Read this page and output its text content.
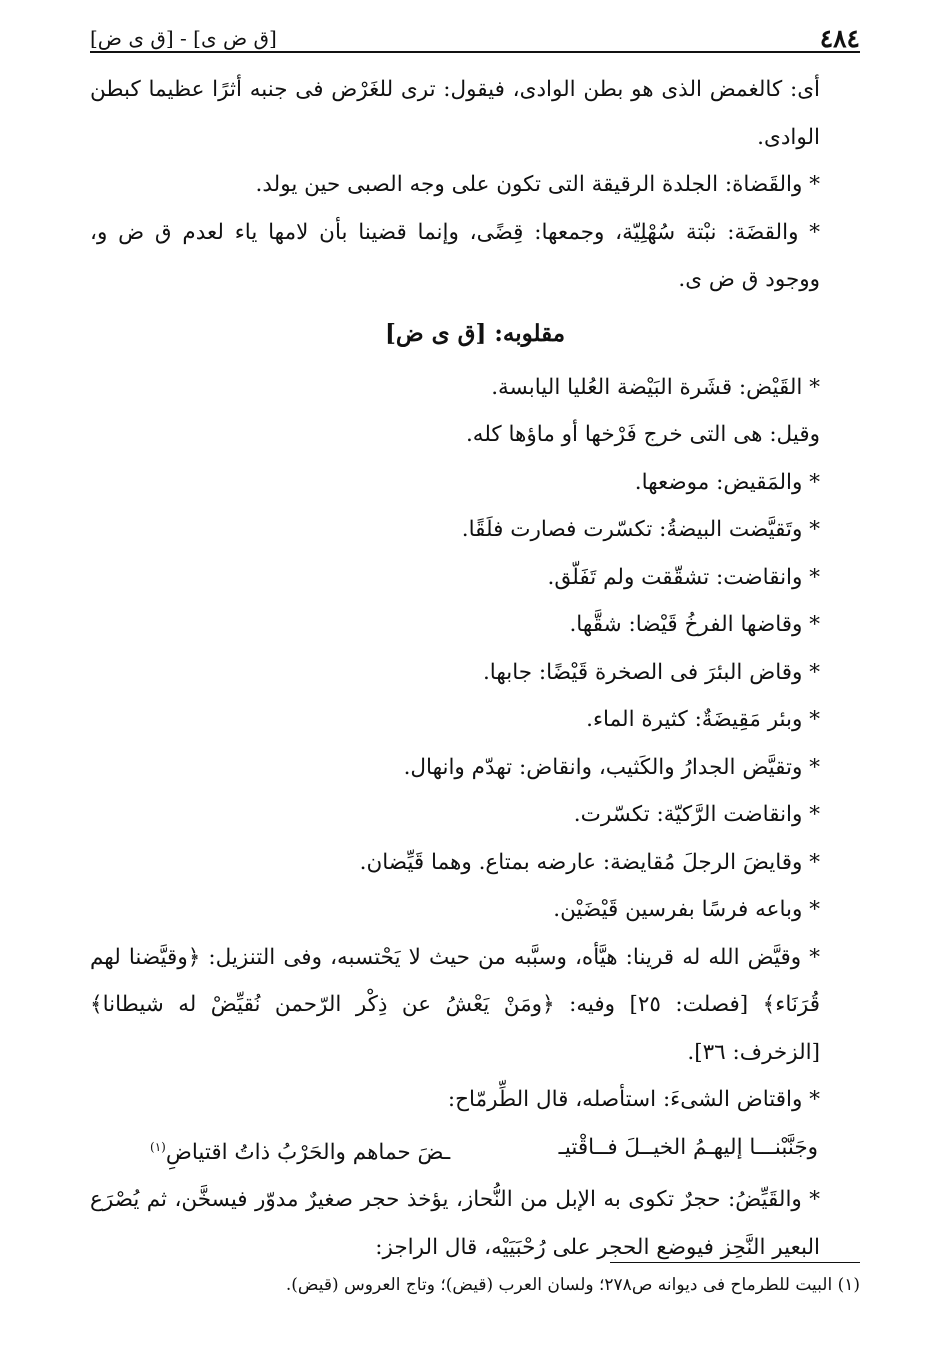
٤٨٤
[ق ض ى] - [ق ى ض]

أى: كالغمض الذى هو بطن الوادى، فيقول: ترى للغَرْض فى جنبه أثرًا عظيما كبطن الوادى.

* والقَضاة: الجلدة الرقيقة التى تكون على وجه الصبى حين يولد.

* والقضَة: نبْتة سُهْلِيّة، وجمعها: قِضًى، وإنما قضينا بأن لامها ياء لعدم ق ض و، ووجود ق ض ى.

مقلوبه: [ق ى ض]

* القَيْض: قشَرة البَيْضة العُليا اليابسة.

وقيل: هى التى خرج فَرْخها أو ماؤها كله.

* والمَقيض: موضعها.

* وتَقيَّضت البيضةُ: تكسّرت فصارت فلَقًا.

* وانقاضت: تشقّقت ولم تَفَلّق.

* وقاضها الفرخُ قَيْضا: شقَّها.

* وقاض البئرَ فى الصخرة قَيْضًا: جابها.

* وبئر مَقِيضَةٌ: كثيرة الماء.

* وتقيَّض الجدارُ والكَثيب، وانقاض: تهدّم وانهال.

* وانقاضت الرَّكيّة: تكسّرت.

* وقايضَ الرجلَ مُقايضة: عارضه بمتاع. وهما قَيِّضان.

* وباعه فرسًا بفرسين قَيْضَيْن.

* وقيَّض الله له قرينا: هيَّأه، وسبَّبه من حيث لا يَحْتسبه، وفى التنزيل: ﴿وقيَّضنا لهم قُرَنَاء﴾ [فصلت: ٢٥] وفيه: ﴿ومَنْ يَعْشُ عن ذِكْر الرّحمن نُقيِّضْ له شيطانا﴾ [الزخرف: ٣٦].

* واقتاض الشىءَ: استأصله، قال الطِّرمّاح:

وجَنَّبْنـــا إليهـمُ الخيــلَ فــاقْتيـ
ـضَ حماهم والحَرْبُ ذاتُ اقتياضِ$^{(١)}$

* والقَيِّضُ: حجرٌ تكوى به الإبل من النُّحاز، يؤخذ حجر صغيرٌ مدوّر فيسخَّن، ثم يُصْرَع البعير النَّحِز فيوضع الحجر على رُحْبَيَيْه، قال الراجز:

(١) البيت للطرماح فى ديوانه ص٢٧٨؛ ولسان العرب (قيض)؛ وتاج العروس (قيض).
